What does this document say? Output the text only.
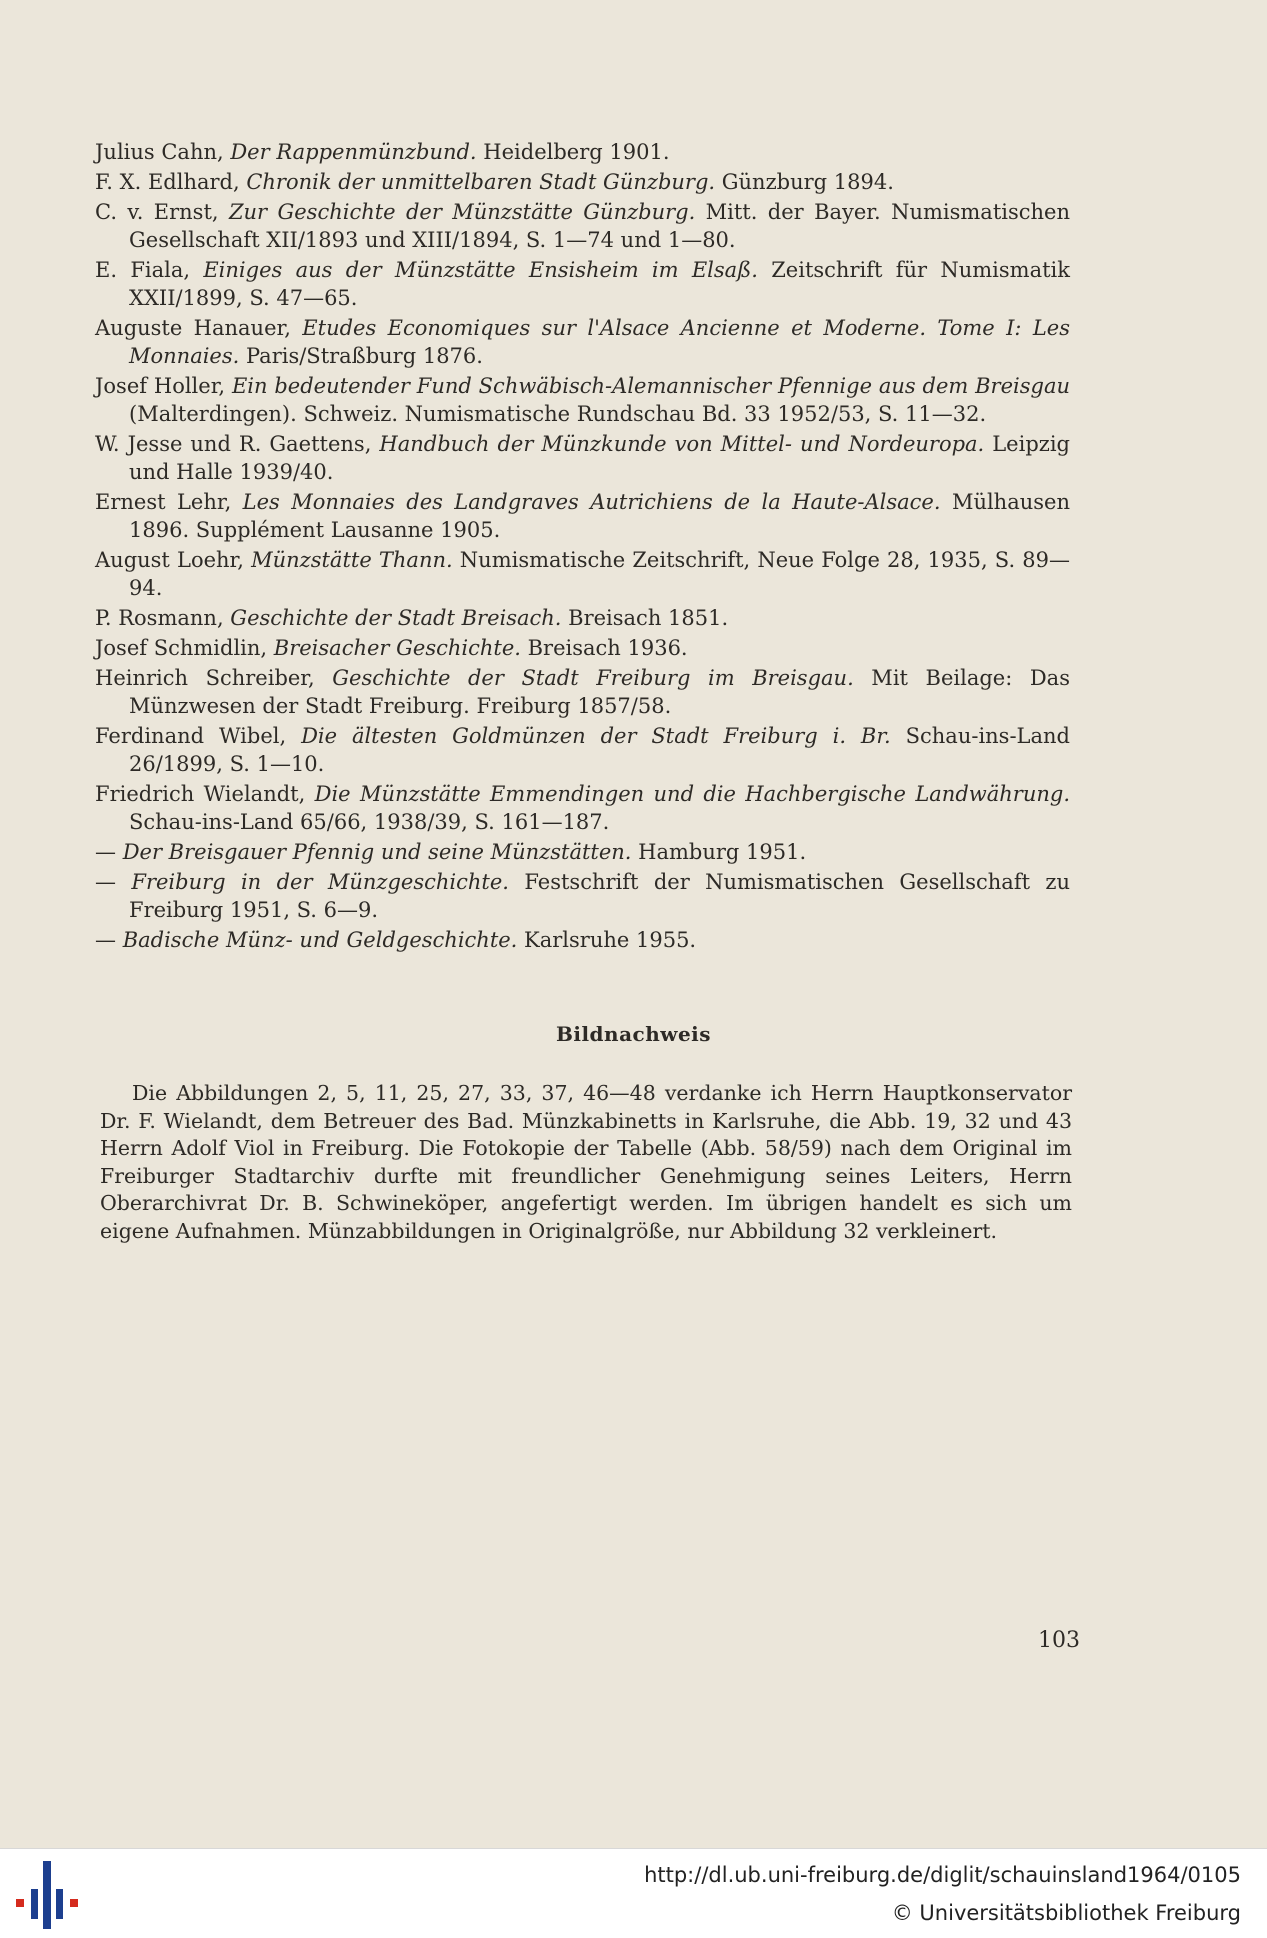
Julius Cahn, Der Rappenmünzbund. Heidelberg 1901.

F. X. Edlhard, Chronik der unmittelbaren Stadt Günzburg. Günzburg 1894.

C. v. Ernst, Zur Geschichte der Münzstätte Günzburg. Mitt. der Bayer. Numismatischen Gesellschaft XII/1893 und XIII/1894, S. 1—74 und 1—80.

E. Fiala, Einiges aus der Münzstätte Ensisheim im Elsaß. Zeitschrift für Numismatik XXII/1899, S. 47—65.

Auguste Hanauer, Etudes Economiques sur l'Alsace Ancienne et Moderne. Tome I: Les Monnaies. Paris/Straßburg 1876.

Josef Holler, Ein bedeutender Fund Schwäbisch-Alemannischer Pfennige aus dem Breisgau (Malterdingen). Schweiz. Numismatische Rundschau Bd. 33 1952/53, S. 11—32.

W. Jesse und R. Gaettens, Handbuch der Münzkunde von Mittel- und Nordeuropa. Leipzig und Halle 1939/40.

Ernest Lehr, Les Monnaies des Landgraves Autrichiens de la Haute-Alsace. Mülhausen 1896. Supplément Lausanne 1905.

August Loehr, Münzstätte Thann. Numismatische Zeitschrift, Neue Folge 28, 1935, S. 89—94.

P. Rosmann, Geschichte der Stadt Breisach. Breisach 1851.

Josef Schmidlin, Breisacher Geschichte. Breisach 1936.

Heinrich Schreiber, Geschichte der Stadt Freiburg im Breisgau. Mit Beilage: Das Münzwesen der Stadt Freiburg. Freiburg 1857/58.

Ferdinand Wibel, Die ältesten Goldmünzen der Stadt Freiburg i. Br. Schau-ins-Land 26/1899, S. 1—10.

Friedrich Wielandt, Die Münzstätte Emmendingen und die Hachbergische Landwährung. Schau-ins-Land 65/66, 1938/39, S. 161—187.

— Der Breisgauer Pfennig und seine Münzstätten. Hamburg 1951.

— Freiburg in der Münzgeschichte. Festschrift der Numismatischen Gesellschaft zu Freiburg 1951, S. 6—9.

— Badische Münz- und Geldgeschichte. Karlsruhe 1955.

Bildnachweis

Die Abbildungen 2, 5, 11, 25, 27, 33, 37, 46—48 verdanke ich Herrn Hauptkonservator Dr. F. Wielandt, dem Betreuer des Bad. Münzkabinetts in Karlsruhe, die Abb. 19, 32 und 43 Herrn Adolf Viol in Freiburg. Die Fotokopie der Tabelle (Abb. 58/59) nach dem Original im Freiburger Stadtarchiv durfte mit freundlicher Genehmigung seines Leiters, Herrn Oberarchivrat Dr. B. Schwineköper, angefertigt werden. Im übrigen handelt es sich um eigene Aufnahmen. Münzabbildungen in Originalgröße, nur Abbildung 32 verkleinert.

103
http://dl.ub.uni-freiburg.de/diglit/schauinsland1964/0105
© Universitätsbibliothek Freiburg
